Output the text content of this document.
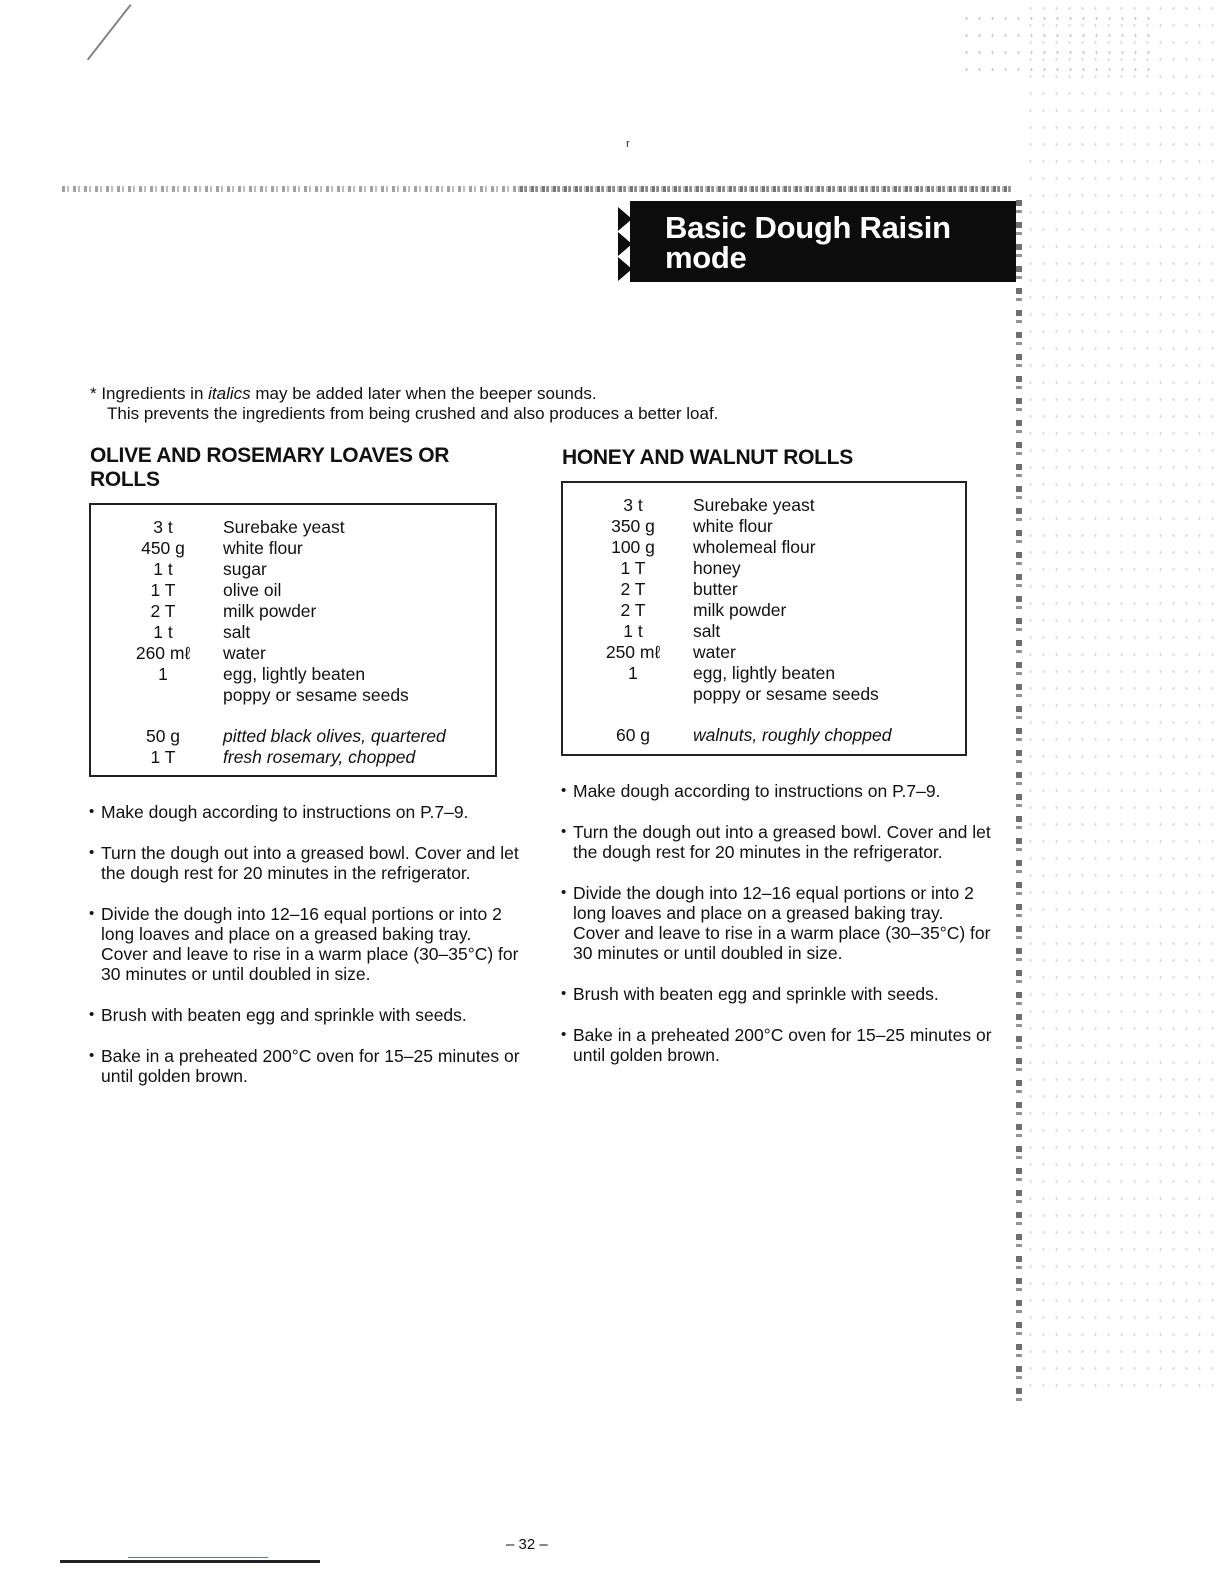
ʳ
Basic Dough Raisin
mode

* Ingredients in italics may be added later when the beeper sounds.

This prevents the ingredients from being crushed and also produces a better loaf.

OLIVE AND ROSEMARY LOAVES OR ROLLS
3 t	Surebake yeast
450 g	white flour
1 t	sugar
1 T	olive oil
2 T	milk powder
1 t	salt
260 mℓ	water
1	egg, lightly beaten
poppy or sesame seeds
50 g	pitted black olives, quartered
1 T	fresh rosemary, chopped
• Make dough according to instructions on P.7–9.
• Turn the dough out into a greased bowl. Cover and let the dough rest for 20 minutes in the refrigerator.
• Divide the dough into 12–16 equal portions or into 2 long loaves and place on a greased baking tray. Cover and leave to rise in a warm place (30–35°C) for 30 minutes or until doubled in size.
• Brush with beaten egg and sprinkle with seeds.
• Bake in a preheated 200°C oven for 15–25 minutes or until golden brown.
HONEY AND WALNUT ROLLS
3 t	Surebake yeast
350 g	white flour
100 g	wholemeal flour
1 T	honey
2 T	butter
2 T	milk powder
1 t	salt
250 mℓ	water
1	egg, lightly beaten
poppy or sesame seeds
60 g	walnuts, roughly chopped
• Make dough according to instructions on P.7–9.
• Turn the dough out into a greased bowl. Cover and let the dough rest for 20 minutes in the refrigerator.
• Divide the dough into 12–16 equal portions or into 2 long loaves and place on a greased baking tray. Cover and leave to rise in a warm place (30–35°C) for 30 minutes or until doubled in size.
• Brush with beaten egg and sprinkle with seeds.
• Bake in a preheated 200°C oven for 15–25 minutes or until golden brown.
– 32 –
